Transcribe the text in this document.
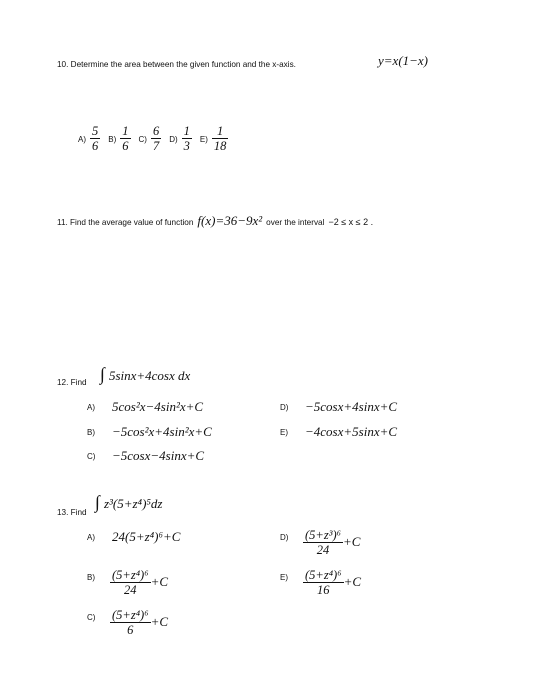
10. Determine the area between the given function and the x-axis.	y=x(1−x)
$A) \frac{5}{6} B) \frac{1}{6} C) \frac{6}{7} D) \frac{1}{3} E) \frac{1}{18}$
11. Find the average value of function f(x)=36−9x² over the interval −2 ≤ x ≤ 2 .
12. Find ∫ 5sinx+4cosx dx
A) 5cos²x−4sin²x+C	D) −5cosx+4sinx+C
B) −5cos²x+4sin²x+C	E) −4cosx+5sinx+C
C) −5cosx−4sinx+C
13. Find
∫ z³(5+z⁴)⁵dz
A) 24(5+z⁴)⁶+C	$D) \frac{\text{(5+z³)⁶}}{24} +C$
$B) \frac{\text{(5+z⁴)⁶}}{24} +C$	$E) \frac{\text{(5+z⁴)⁶}}{16} +C$
$C) \frac{\text{(5+z⁴)⁶}}{6} +C$
